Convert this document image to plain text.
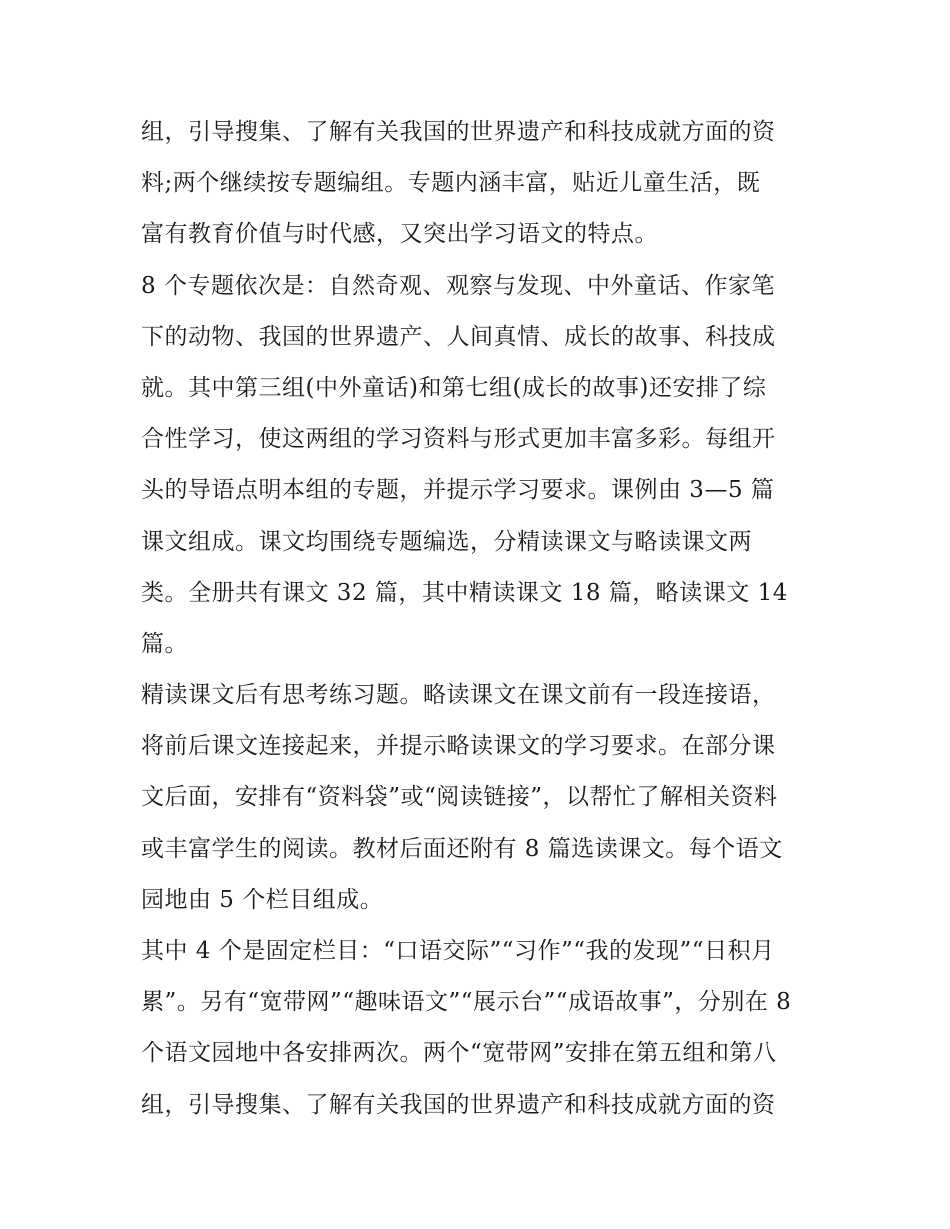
组，引导搜集、了解有关我国的世界遗产和科技成就方面的资
料;两个继续按专题编组。专题内涵丰富，贴近儿童生活，既
富有教育价值与时代感，又突出学习语文的特点。
8 个专题依次是：自然奇观、观察与发现、中外童话、作家笔
下的动物、我国的世界遗产、人间真情、成长的故事、科技成
就。其中第三组(中外童话)和第七组(成长的故事)还安排了综
合性学习，使这两组的学习资料与形式更加丰富多彩。每组开
头的导语点明本组的专题，并提示学习要求。课例由 3—5 篇
课文组成。课文均围绕专题编选，分精读课文与略读课文两
类。全册共有课文 32 篇，其中精读课文 18 篇，略读课文 14
篇。
精读课文后有思考练习题。略读课文在课文前有一段连接语，
将前后课文连接起来，并提示略读课文的学习要求。在部分课
文后面，安排有“资料袋”或“阅读链接”，以帮忙了解相关资料
或丰富学生的阅读。教材后面还附有 8 篇选读课文。每个语文
园地由 5 个栏目组成。
其中 4 个是固定栏目：“口语交际”“习作”“我的发现”“日积月
累”。另有“宽带网”“趣味语文”“展示台”“成语故事”，分别在 8
个语文园地中各安排两次。两个“宽带网”安排在第五组和第八
组，引导搜集、了解有关我国的世界遗产和科技成就方面的资
